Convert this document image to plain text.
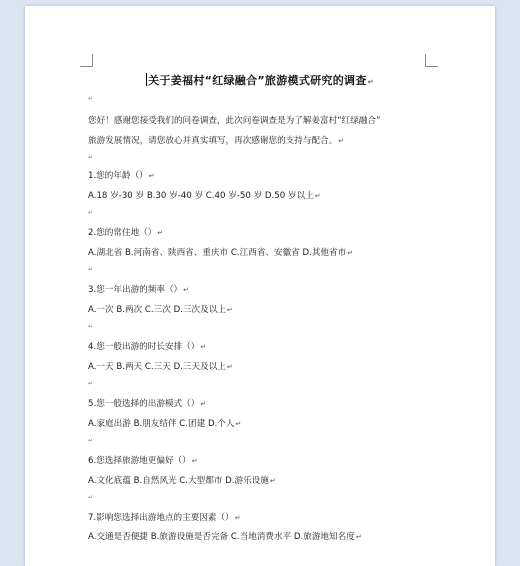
关于姜福村“红绿融合”旅游模式研究的调查↵
↵
您好！感谢您接受我们的问卷调查，此次问卷调查是为了解姜富村“红绿融合”
旅游发展情况，请您放心并真实填写，再次感谢您的支持与配合。↵
↵
1.您的年龄（）↵
A.18 岁-30 岁 B.30 岁-40 岁 C.40 岁-50 岁 D.50 岁以上↵
↵
2.您的常住地（）↵
A.湖北省 B.河南省、陕西省、重庆市 C.江西省、安徽省 D.其他省市↵
↵
3.您一年出游的频率（）↵
A.一次 B.两次 C.三次 D.三次及以上↵
↵
4.您一般出游的时长安排（）↵
A.一天 B.两天 C.三天 D.三天及以上↵
↵
5.您一般选择的出游模式（）↵
A.家庭出游 B.朋友结伴 C.团建 D.个人↵
↵
6.您选择旅游地更偏好（）↵
A.文化底蕴 B.自然风光 C.大型都市 D.游乐设施↵
↵
7.影响您选择出游地点的主要因素（）↵
A.交通是否便捷 B.旅游设施是否完备 C.当地消费水平 D.旅游地知名度↵
